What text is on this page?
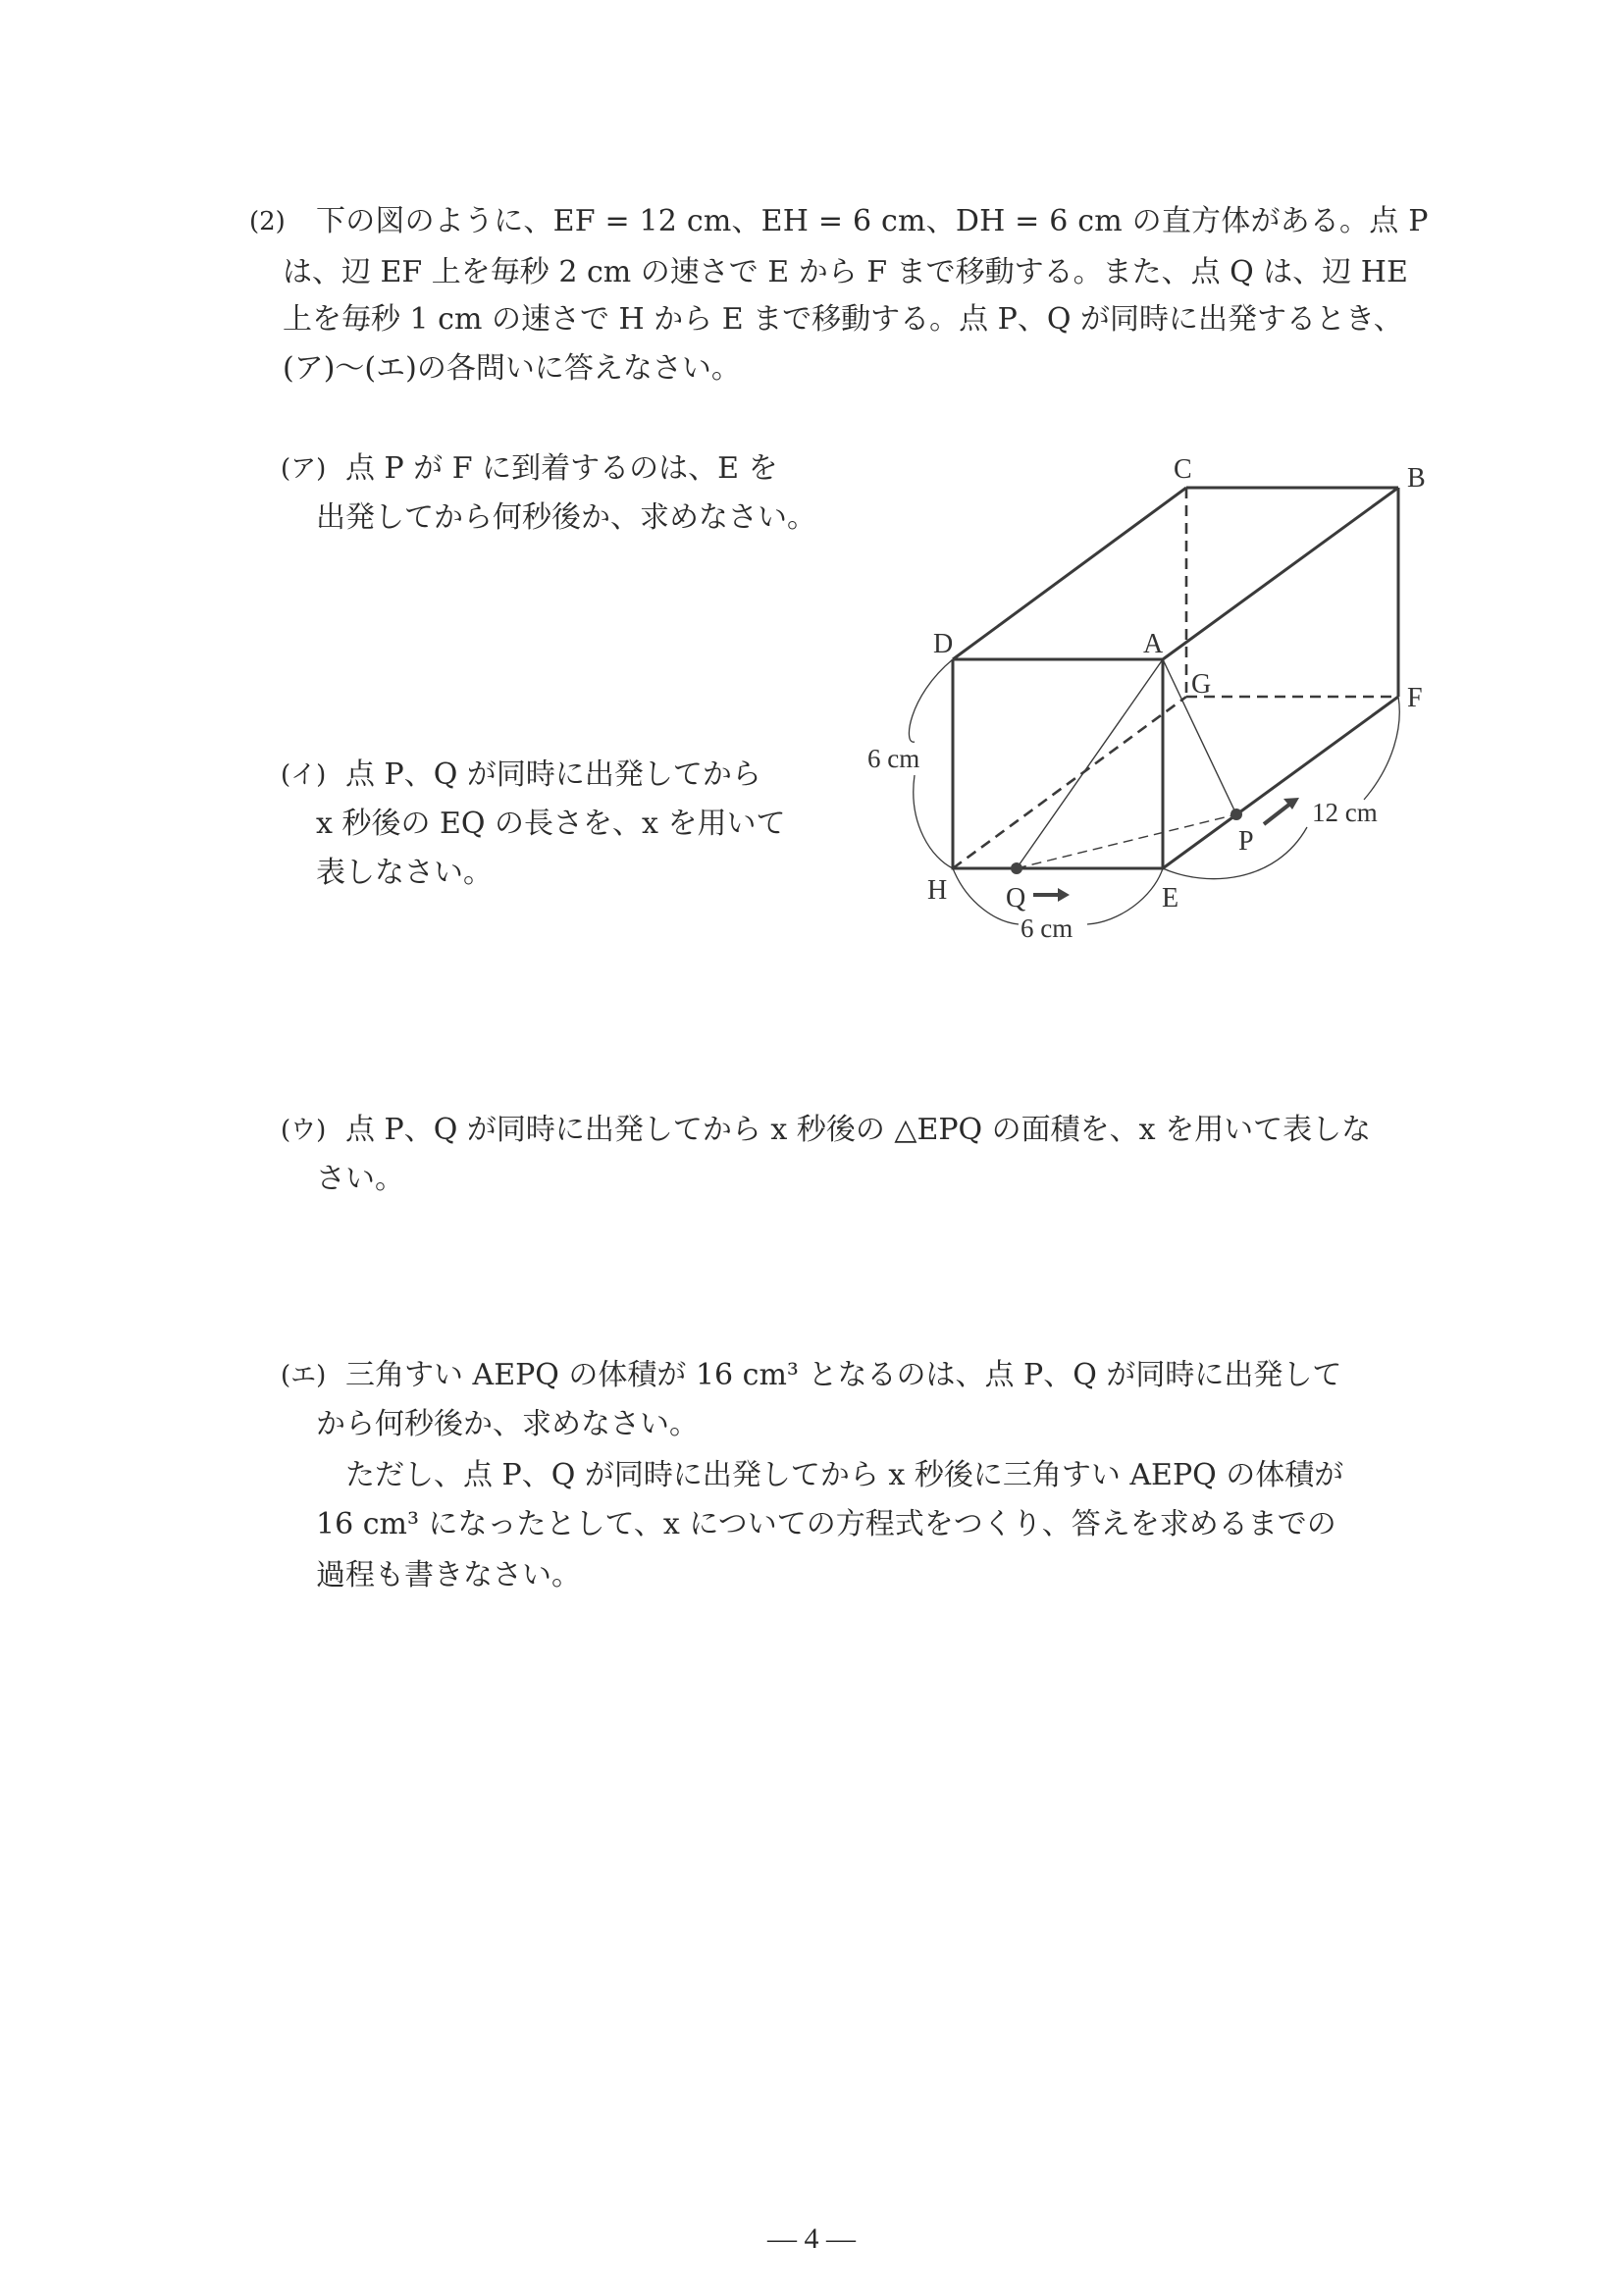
(2) 下の図のように、EF = 12 cm、EH = 6 cm、DH = 6 cm の直方体がある。点 P
は、辺 EF 上を毎秒 2 cm の速さで E から F まで移動する。また、点 Q は、辺 HE
上を毎秒 1 cm の速さで H から E まで移動する。点 P、Q が同時に出発するとき、
(ア)〜(エ)の各問いに答えなさい。
(ア) 点 P が F に到着するのは、E を
出発してから何秒後か、求めなさい。
(イ) 点 P、Q が同時に出発してから
x 秒後の EQ の長さを、x を用いて
表しなさい。
(ウ) 点 P、Q が同時に出発してから x 秒後の △EPQ の面積を、x を用いて表しな
さい。
(エ) 三角すい AEPQ の体積が 16 cm³ となるのは、点 P、Q が同時に出発して
から何秒後か、求めなさい。
ただし、点 P、Q が同時に出発してから x 秒後に三角すい AEPQ の体積が
16 cm³ になったとして、x についての方程式をつくり、答えを求めるまでの
過程も書きなさい。
C	B
D	A
G	F
H	E
Q
P
6 cm
6 cm
12 cm
— 4 —
